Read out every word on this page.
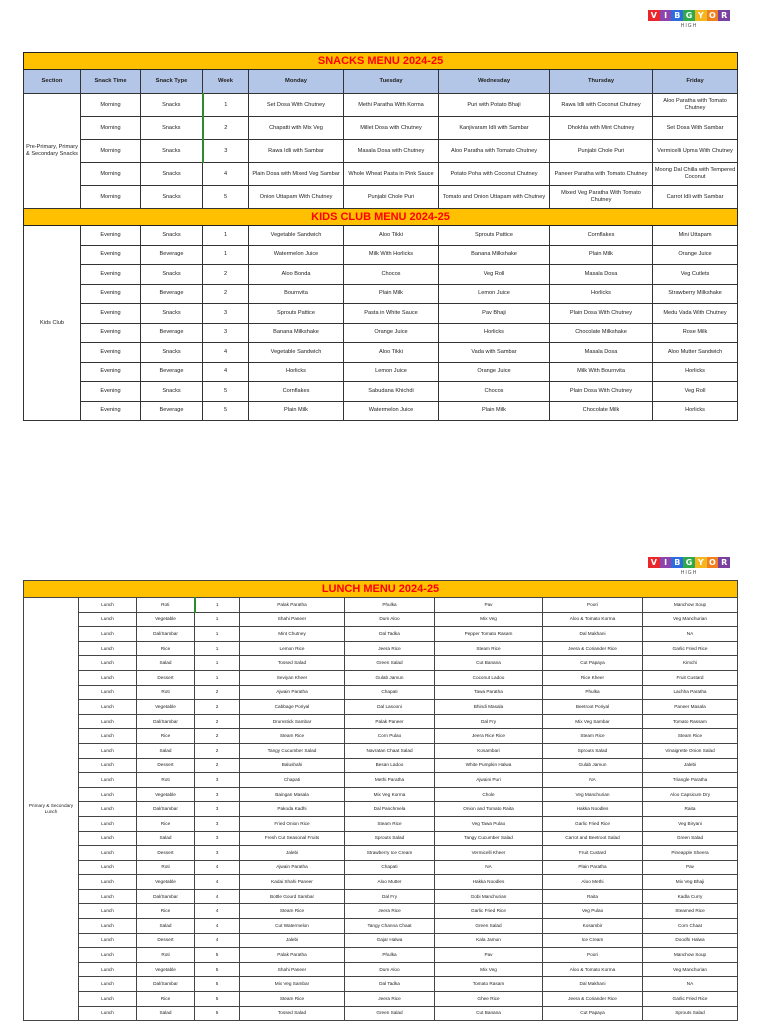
V I B G Y O R
HIGH
SNACKS MENU 2024-25								
Section	Snack Time	Snack Type	Week	Monday	Tuesday	Wednesday	Thursday	Friday
Pre-Primary, Primary & Secondary Snacks	Morning	Snacks	1	Set Dosa With Chutney	Methi Paratha With Korma	Puri with Potato Bhaji	Rawa Idli with Coconut Chutney	Aloo Paratha with Tomato Chutney
	Morning	Snacks	2	Chapatti with Mix Veg	Millet Dosa with Chutney	Kanjivaram Idli with Sambar	Dhokhla with Mint Chutney	Set Dosa With Sambar
	Morning	Snacks	3	Rawa Idli with Sambar	Masala Dosa with Chutney	Aloo Paratha with Tomato Chutney	Punjabi Chole Puri	Vermicelli Upma With Chutney
	Morning	Snacks	4	Plain Dosa with Mixed Veg Sambar	Whole Wheat Pasta in Pink Sauce	Potato Poha with Coconut Chutney	Paneer Paratha with Tomato Chutney	Moong Dal Chilla with Tempered Coconut
	Morning	Snacks	5	Onion Uttapam With Chutney	Punjabi Chole Puri	Tomato and Onion Uttapam with Chutney	Mixed Veg Paratha With Tomato Chutney	Carrot Idli with Sambar
KIDS CLUB MENU 2024-25								
Kids Club	Evening	Snacks	1	Vegetable Sandwich	Aloo Tikki	Sprouts Pattice	Cornflakes	Mini Uttapam
	Evening	Beverage	1	Watermelon Juice	Milk With Horlicks	Banana Milkshake	Plain Milk	Orange Juice
	Evening	Snacks	2	Aloo Bonda	Chocos	Veg Roll	Masala Dosa	Veg Cutlets
	Evening	Beverage	2	Bournvita	Plain Milk	Lemon Juice	Horlicks	Strawberry Milkshake
	Evening	Snacks	3	Sprouts Pattice	Pasta in White Sauce	Pav Bhaji	Plain Dosa With Chutney	Medu Vada With Chutney
	Evening	Beverage	3	Banana Milkshake	Orange Juice	Horlicks	Chocolate Milkshake	Rose Milk
	Evening	Snacks	4	Vegetable Sandwich	Aloo Tikki	Vada with Sambar	Masala Dosa	Aloo Mutter Sandwich
	Evening	Beverage	4	Horlicks	Lemon Juice	Orange Juice	Milk With Bournvita	Horlicks
	Evening	Snacks	5	Cornflakes	Sabudana Khichdi	Chocos	Plain Dosa With Chutney	Veg Roll
	Evening	Beverage	5	Plain Milk	Watermelon Juice	Plain Milk	Chocolate Milk	Horlicks
V I B G Y O R
HIGH
LUNCH MENU 2024-25								
Primary & Secondary Lunch	Lunch	Roti	1	Palak Paratha	Phulka	Pav	Poori	Manchow Soup
	Lunch	Vegetable	1	Shahi Paneer	Dum Aloo	Mix Veg	Aloo & Tomato Korma	Veg Manchurian
	Lunch	Dal/Sambar	1	Mint Chutney	Dal Tadka	Pepper Tomato Rasam	Dal Makhani	NA
	Lunch	Rice	1	Lemon Rice	Jeera Rice	Steam Rice	Jeera & Coriander Rice	Garlic Fried Rice
	Lunch	Salad	1	Tossed Salad	Green Salad	Cut Banana	Cut Papaya	Kimchi
	Lunch	Dessert	1	Seviyan Kheer	Gulab Jamun	Coconut Ladoo	Rice Kheer	Fruit Custard
	Lunch	Roti	2	Ajwain Paratha	Chapati	Tawa Paratha	Phulka	Lachha Paratha
	Lunch	Vegetable	2	Cabbage Poriyal	Dal Lasooni	Bhindi Masala	Beetroot Poriyal	Paneer Masala
	Lunch	Dal/Sambar	2	Drumstick Sambar	Palak Paneer	Dal Fry	Mix Veg Sambar	Tomato Rassam
	Lunch	Rice	2	Steam Rice	Corn Pulao	Jeera Rice Rice	Steam Rice	Steam Rice
	Lunch	Salad	2	Tangy Cucumber Salad	Navratan Chaat Salad	Kosambari	Sprouts Salad	Vinaigrette Onion Salad
	Lunch	Dessert	2	Balushahi	Besan Ladoo	White Pumpkin Halwa	Gulab Jamun	Jalebi
	Lunch	Roti	3	Chapati	Methi Paratha	Ajwaini Puri	NA	Triangle Paratha
	Lunch	Vegetable	3	Baingan Masala	Mix Veg Korma	Chole	Veg Manchurian	Aloo Capsicum Dry
	Lunch	Dal/Sambar	3	Pakoda Kadhi	Dal Panchmela	Onion and Tomato Raita	Hakka Noodles	Raita
	Lunch	Rice	3	Fried Onion Rice	Steam Rice	Veg Tawa Pulao	Garlic Fried Rice	Veg Biryani
	Lunch	Salad	3	Fresh Cut Seasonal Fruits	Sprouts Salad	Tangy Cucumber Salad	Carrot and Beetroot Salad	Green Salad
	Lunch	Dessert	3	Jalebi	Strawberry Ice Cream	Vermicelli Kheer	Fruit Custard	Pineapple Sheera
	Lunch	Roti	4	Ajwain Paratha	Chapati	NA	Plain Paratha	Pav
	Lunch	Vegetable	4	Kadai Shahi Paneer	Aloo Mutter	Hakka Noodles	Aloo Methi	Mix Veg Bhaji
	Lunch	Dal/Sambar	4	Bottle Gourd Sambar	Dal Fry	Gobi Manchurian	Raita	Kadla Curry
	Lunch	Rice	4	Steam Rice	Jeera Rice	Garlic Fried Rice	Veg Pulao	Steamed Rice
	Lunch	Salad	4	Cut Watermelon	Tangy Channa Chaat	Green Salad	Kosambir	Corn Chaat
	Lunch	Dessert	4	Jalebi	Gajar Halwa	Kala Jamun	Ice Cream	Doodhi Halwa
	Lunch	Roti	5	Palak Paratha	Phulka	Pav	Poori	Manchow Soup
	Lunch	Vegetable	5	Shahi Paneer	Dum Aloo	Mix Veg	Aloo & Tomato Korma	Veg Manchurian
	Lunch	Dal/Sambar	5	Mix Veg Sambar	Dal Tadka	Tomato Rasam	Dal Makhani	NA
	Lunch	Rice	5	Steam Rice	Jeera Rice	Ghee Rice	Jeera & Coriander Rice	Garlic Fried Rice
	Lunch	Salad	5	Tossed Salad	Green Salad	Cut Banana	Cut Papaya	Sprouts Salad
